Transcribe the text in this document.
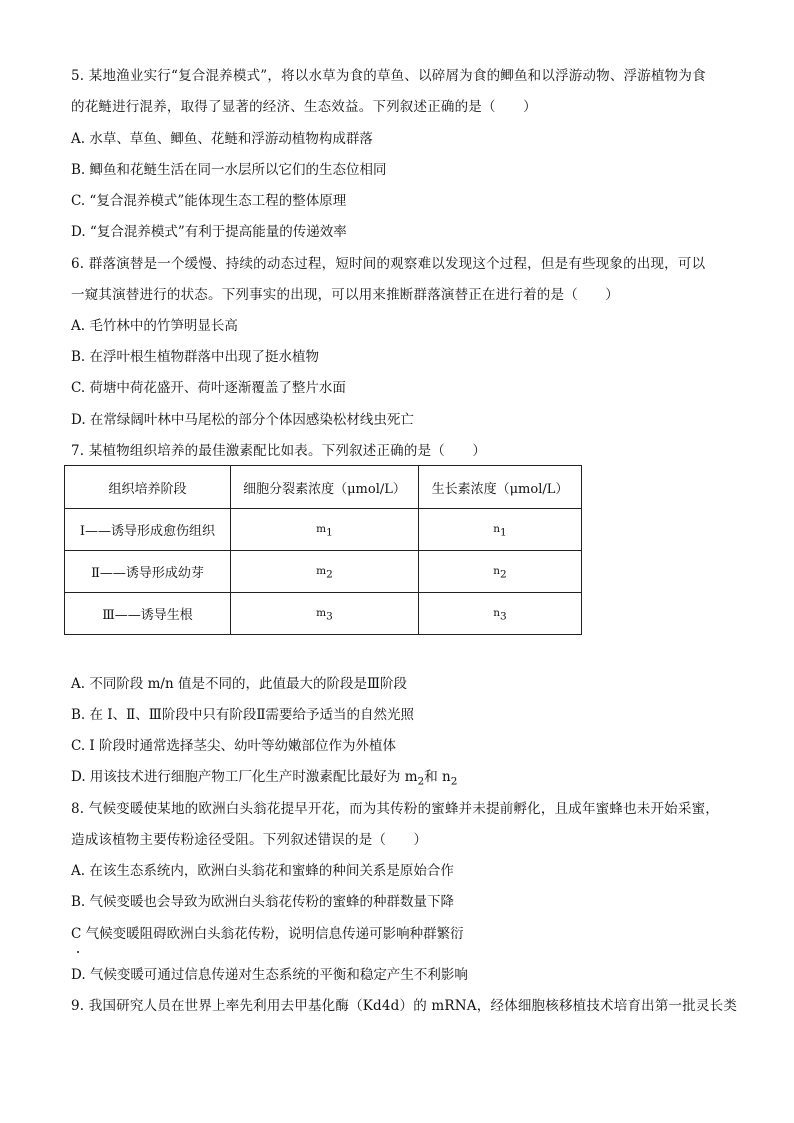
5. 某地渔业实行“复合混养模式”，将以水草为食的草鱼、以碎屑为食的鲫鱼和以浮游动物、浮游植物为食
的花鲢进行混养，取得了显著的经济、生态效益。下列叙述正确的是（　　）
A. 水草、草鱼、鲫鱼、花鲢和浮游动植物构成群落
B. 鲫鱼和花鲢生活在同一水层所以它们的生态位相同
C. “复合混养模式”能体现生态工程的整体原理
D. “复合混养模式”有利于提高能量的传递效率
6. 群落演替是一个缓慢、持续的动态过程，短时间的观察难以发现这个过程，但是有些现象的出现，可以
一窥其演替进行的状态。下列事实的出现，可以用来推断群落演替正在进行着的是（　　）
A. 毛竹林中的竹笋明显长高
B. 在浮叶根生植物群落中出现了挺水植物
C. 荷塘中荷花盛开、荷叶逐渐覆盖了整片水面
D. 在常绿阔叶林中马尾松的部分个体因感染松材线虫死亡
7. 某植物组织培养的最佳激素配比如表。下列叙述正确的是（　　）
组织培养阶段	细胞分裂素浓度（μmol/L）	生长素浓度（μmol/L）
I——诱导形成愈伤组织	$m_1$	$n_1$
Ⅱ——诱导形成幼芽	$m_2$	$n_2$
Ⅲ——诱导生根	$m_3$	$n_3$
A. 不同阶段 m/n 值是不同的，此值最大的阶段是Ⅲ阶段
B. 在 I、Ⅱ、Ⅲ阶段中只有阶段Ⅱ需要给予适当的自然光照
C. I 阶段时通常选择茎尖、幼叶等幼嫩部位作为外植体
D. 用该技术进行细胞产物工厂化生产时激素配比最好为 $m_2$和 $n_2$
8. 气候变暖使某地的欧洲白头翁花提早开花，而为其传粉的蜜蜂并未提前孵化，且成年蜜蜂也未开始采蜜，
造成该植物主要传粉途径受阻。下列叙述错误的是（　　）
A. 在该生态系统内，欧洲白头翁花和蜜蜂的种间关系是原始合作
B. 气候变暖也会导致为欧洲白头翁花传粉的蜜蜂的种群数量下降
C 气候变暖阻碍欧洲白头翁花传粉，说明信息传递可影响种群繁衍
D. 气候变暖可通过信息传递对生态系统的平衡和稳定产生不利影响
9. 我国研究人员在世界上率先利用去甲基化酶（Kd4d）的 mRNA，经体细胞核移植技术培育出第一批灵长类
